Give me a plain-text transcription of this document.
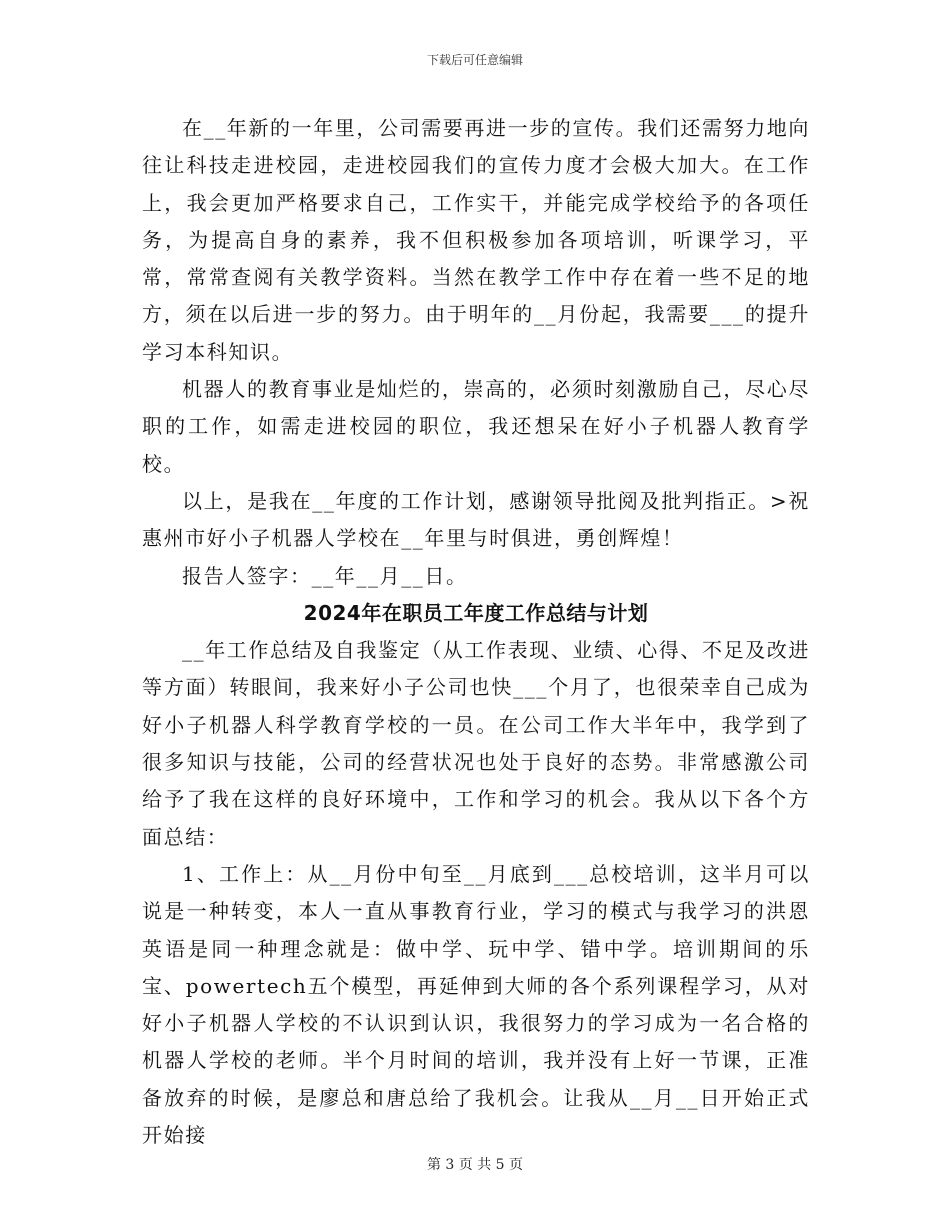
下载后可任意编辑

在__年新的一年里，公司需要再进一步的宣传。我们还需努力地向往让科技走进校园，走进校园我们的宣传力度才会极大加大。在工作上，我会更加严格要求自己，工作实干，并能完成学校给予的各项任务，为提高自身的素养，我不但积极参加各项培训，听课学习，平常，常常查阅有关教学资料。当然在教学工作中存在着一些不足的地方，须在以后进一步的努力。由于明年的__月份起，我需要___的提升学习本科知识。

机器人的教育事业是灿烂的，崇高的，必须时刻激励自己，尽心尽职的工作，如需走进校园的职位，我还想呆在好小子机器人教育学校。

以上，是我在__年度的工作计划，感谢领导批阅及批判指正。>祝惠州市好小子机器人学校在__年里与时俱进，勇创辉煌！

报告人签字：__年__月__日。

2024年在职员工年度工作总结与计划

__年工作总结及自我鉴定（从工作表现、业绩、心得、不足及改进等方面）转眼间，我来好小子公司也快___个月了，也很荣幸自己成为好小子机器人科学教育学校的一员。在公司工作大半年中，我学到了很多知识与技能，公司的经营状况也处于良好的态势。非常感激公司给予了我在这样的良好环境中，工作和学习的机会。我从以下各个方面总结：

1、工作上：从__月份中旬至__月底到___总校培训，这半月可以说是一种转变，本人一直从事教育行业，学习的模式与我学习的洪恩英语是同一种理念就是：做中学、玩中学、错中学。培训期间的乐宝、powertech五个模型，再延伸到大师的各个系列课程学习，从对好小子机器人学校的不认识到认识，我很努力的学习成为一名合格的机器人学校的老师。半个月时间的培训，我并没有上好一节课，正准备放弃的时候，是廖总和唐总给了我机会。让我从__月__日开始正式开始接

第 3 页 共 5 页
